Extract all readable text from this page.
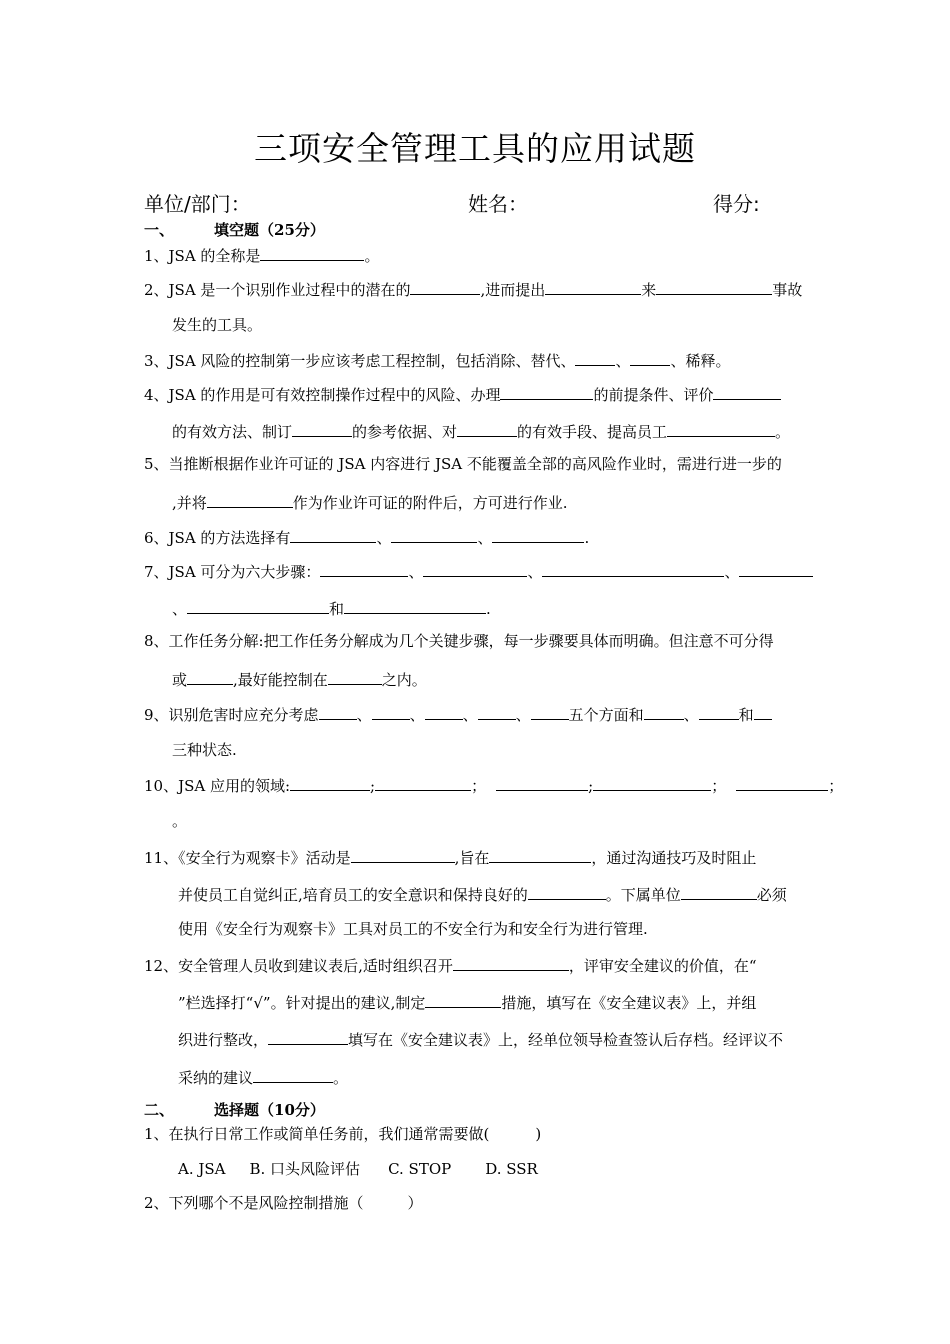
三项安全管理工具的应用试题
单位/部门：	姓名：	得分:
一、	填空题（25分）
1、JSA 的全称是	。
2、JSA 是一个识别作业过程中的潜在的	,进而提出	来	事故
发生的工具。
3、JSA 风险的控制第一步应该考虑工程控制，包括消除、替代、	、	、稀释。
4、JSA 的作用是可有效控制操作过程中的风险、办理	的前提条件、评价
的有效方法、制订	的参考依据、对	的有效手段、提高员工	。
5、当推断根据作业许可证的 JSA 内容进行 JSA 不能覆盖全部的高风险作业时，需进行进一步的
,并将	作为作业许可证的附件后，方可进行作业.
6、JSA 的方法选择有	、	、	.
7、JSA 可分为六大步骤：	、	、	、
、	和	.
8、工作任务分解:把工作任务分解成为几个关键步骤，每一步骤要具体而明确。但注意不可分得
或	,最好能控制在	之内。
9、识别危害时应充分考虑	、	、	、	、	五个方面和	、	和
三种状态.
10、JSA 应用的领域:	;	；	;	；	；
。
11、《安全行为观察卡》活动是	,旨在	，通过沟通技巧及时阻止
并使员工自觉纠正,培育员工的安全意识和保持良好的	。下属单位	必须
使用《安全行为观察卡》工具对员工的不安全行为和安全行为进行管理.
12、安全管理人员收到建议表后,适时组织召开	，评审安全建议的价值，在“
”栏选择打“√”。针对提出的建议,制定	措施，填写在《安全建议表》上，并组
织进行整改，	填写在《安全建议表》上，经单位领导检查签认后存档。经评议不
采纳的建议	。
二、	选择题（10分）
1、在执行日常工作或简单任务前，我们通常需要做(	)
A. JSA B. 口头风险评估 C. STOP D. SSR
2、下列哪个不是风险控制措施（	）
